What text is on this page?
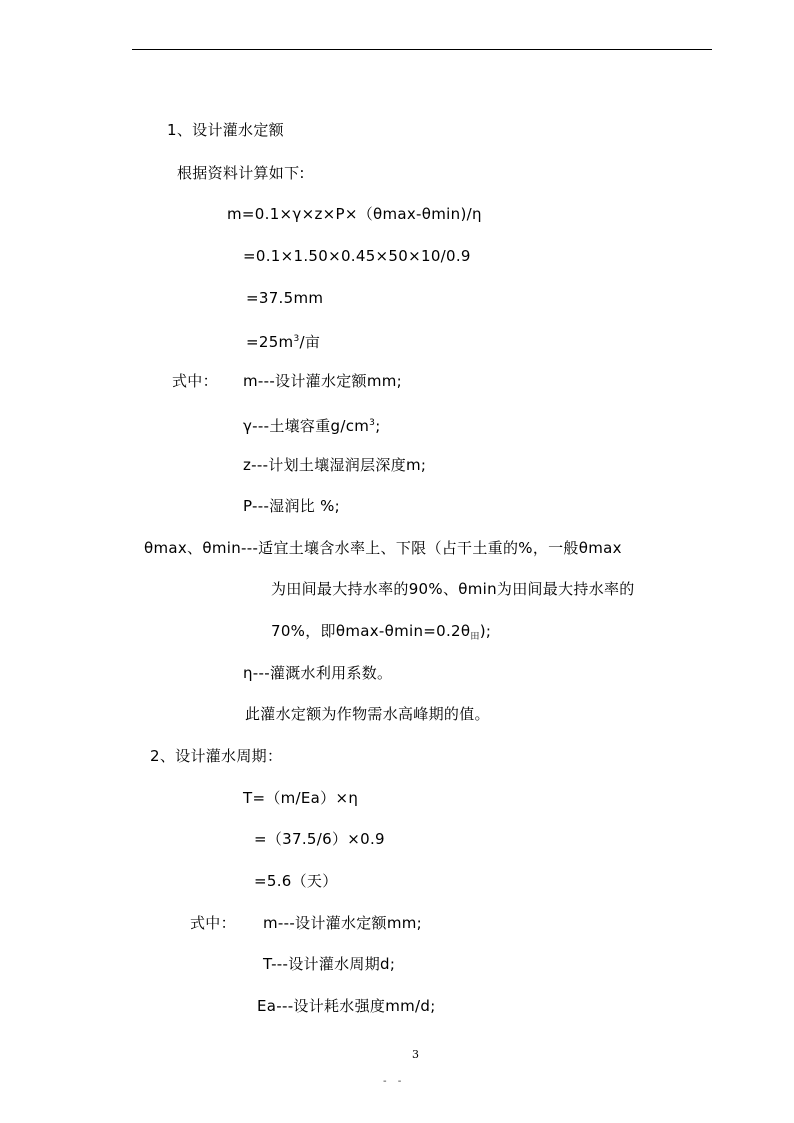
1、设计灌水定额
根据资料计算如下:
m=0.1×γ×z×P×（θmax-θmin)/η
=0.1×1.50×0.45×50×10/0.9
=37.5mm
$=25m^3/$亩
式中： m---设计灌水定额mm;
γ---土壤容重$g/cm^3$;
z---计划土壤湿润层深度m;
P---湿润比 %;
θmax、θmin---适宜土壤含水率上、下限（占干土重的%，一般θmax
为田间最大持水率的90%、θmin为田间最大持水率的
70%，即θmax-$\theta\min=0.2\theta_田$);
η---灌溉水利用系数。
此灌水定额为作物需水高峰期的值。
2、设计灌水周期：
T=（m/Ea）×η
=（37.5/6）×0.9
=5.6（天）
式中： m---设计灌水定额mm;
T---设计灌水周期d;
Ea---设计耗水强度mm/d;
3
- -
